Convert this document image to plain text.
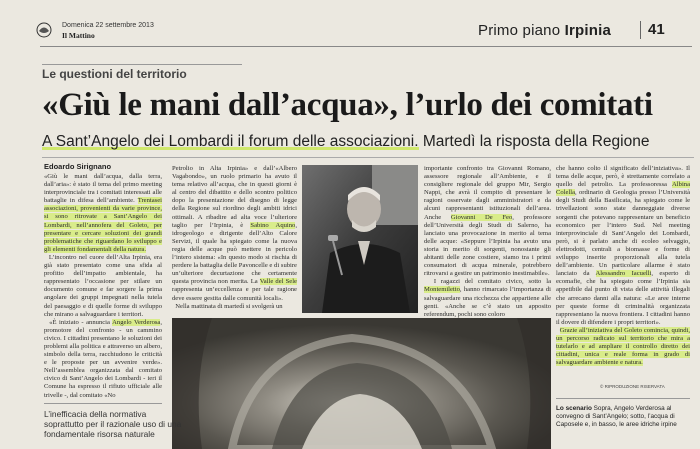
Domenica 22 settembre 2013
Il Mattino	Primo piano Irpinia 41
Le questioni del territorio
«Giù le mani dall’acqua», l’urlo dei comitati
A Sant’Angelo dei Lombardi il forum delle associazioni. Martedì la risposta della Regione
Edoardo Sirignano

«Giù le mani dall’acqua, dalla terra, dall’aria»: è stato il tema del primo meeting interprovinciale tra i comitati interessati alle battaglie in difesa dell’ambiente. Trentasei associazioni, provenienti da varie province, si sono ritrovate a Sant’Angelo dei Lombardi, nell’annofera del Goleto, per presentare e cercare soluzioni dei grandi problematiche che riguardano lo sviluppo e gli elementi fondamentali della natura.

L’incontro nel cuore dell’Alta Irpinia, era già stato presentato come una sfida al profitto dell’impatto ambientale, ha rappresentato l’occasione per stilare un documento comune e far sorgere la prima angolare dei gruppi impegnati nella tutela del paesaggio e di quelle forme di sviluppo che mirano a salvaguardare i territori.

«È iniziato - annuncia Angelo Verderosa, promotore del confronto - un cammino civico. I cittadini presentano le soluzioni dei problemi alla politica e attraverso un albero, simbolo della terra, racchiudono le criticità e le proposte per un avvenire verde». Nell’assemblea organizzata dal comitato civico di Sant’Angelo dei Lombardi - ieri il Comune ha espresso il rifiuto ufficiale alle trivelle -, dal comitato «No

Petrolio in Alta Irpinia» e dall’«Albero Vagabondo», un ruolo primario ha avuto il tema relativo all’acqua, che in questi giorni è al centro del dibattito e dello scontro politico dopo la presentazione del disegno di legge della Regione sul riordino degli ambiti idrici ottimali. A ribadire ad alta voce l’ulteriore taglio per l’Irpinia, è Sabino Aquino, idrogeologo e dirigente dell’Alto Calore Servizi, il quale ha spiegato come la nuova regia delle acque può mettere in pericolo l’intero sistema: «In questo modo si rischia di perdere la battaglia delle Pavoncelle e di subire un’ulteriore decurtazione che certamente questa provincia non merita. La Valle del Sele rappresenta un’eccellenza e per tale ragione deve essere gestita dalle comunità locali».

Nella mattinata di martedì si svolgerà un

importante confronto tra Giovanni Romano, assessore regionale all’Ambiente, e il consigliere regionale del gruppo Mir, Sergio Nappi, che avrà il compito di presentare le ragioni osservate dagli amministratori e da alcuni rappresentanti istituzionali dell’area. Anche Giovanni De Feo, professore dell’Università degli Studi di Salerno, ha lanciato una provocazione in merito al tema delle acque: «Seppure l’Irpinia ha avuto una storia in merito di sorgenti, nonostante gli abitanti delle zone costiere, siamo tra i primi consumatori di acqua minerale, potrebbero ritrovarsi a gestire un patrimonio inestimabile».

I ragazzi del comitato civico, sotto la Montemiletto, hanno rimarcato l’importanza di salvaguardare una ricchezza che appartiene alle genti. «Anche se c’è stato un apposito referendum, pochi sono coloro

che hanno colto il significato dell’iniziativa». Il tema delle acque, però, è strettamente correlato a quello del petrolio. La professoressa Albina Colella, ordinario di Geologia presso l’Università degli Studi della Basilicata, ha spiegato come le trivellazioni sono state danneggiate diverse sorgenti che potevano rappresentare un beneficio economico per l’intero Sud. Nel meeting interprovinciale di Sant’Angelo dei Lombardi, però, si è parlato anche di ecoleo selvaggio, elettrodotti, centrali a biomasse e forme di sviluppo inserite proporzionali alla tutela dell’ambiente. Un particolare allarme è stato lanciato da Alessandro Iacuelli, esperto di ecomafie, che ha spiegato come l’Irpinia sia appetibile dal punto di vista delle attività illegali che arrecano danni alla natura: «Le aree interne per queste forme di criminalità organizzata rappresentano la nuova frontiera. I cittadini hanno il dovere di difendere i propri territori».

Grazie all’iniziativa del Goleto comincia, quindi, un percorso radicato sul territorio che mira a tutelarlo e ad ampliare il controllo diretto dei cittadini, unica e reale forma in grado di salvaguardare ambiente e natura.

© RIPRODUZIONE RISERVATA
L’inefficacia della normativa soprattutto per il razionale uso di una fondamentale risorsa naturale
Lo scenario Sopra, Angelo Verderosa al convegno di Sant’Angelo; sotto, l’acqua di Caposele e, in basso, le aree idriche irpine
